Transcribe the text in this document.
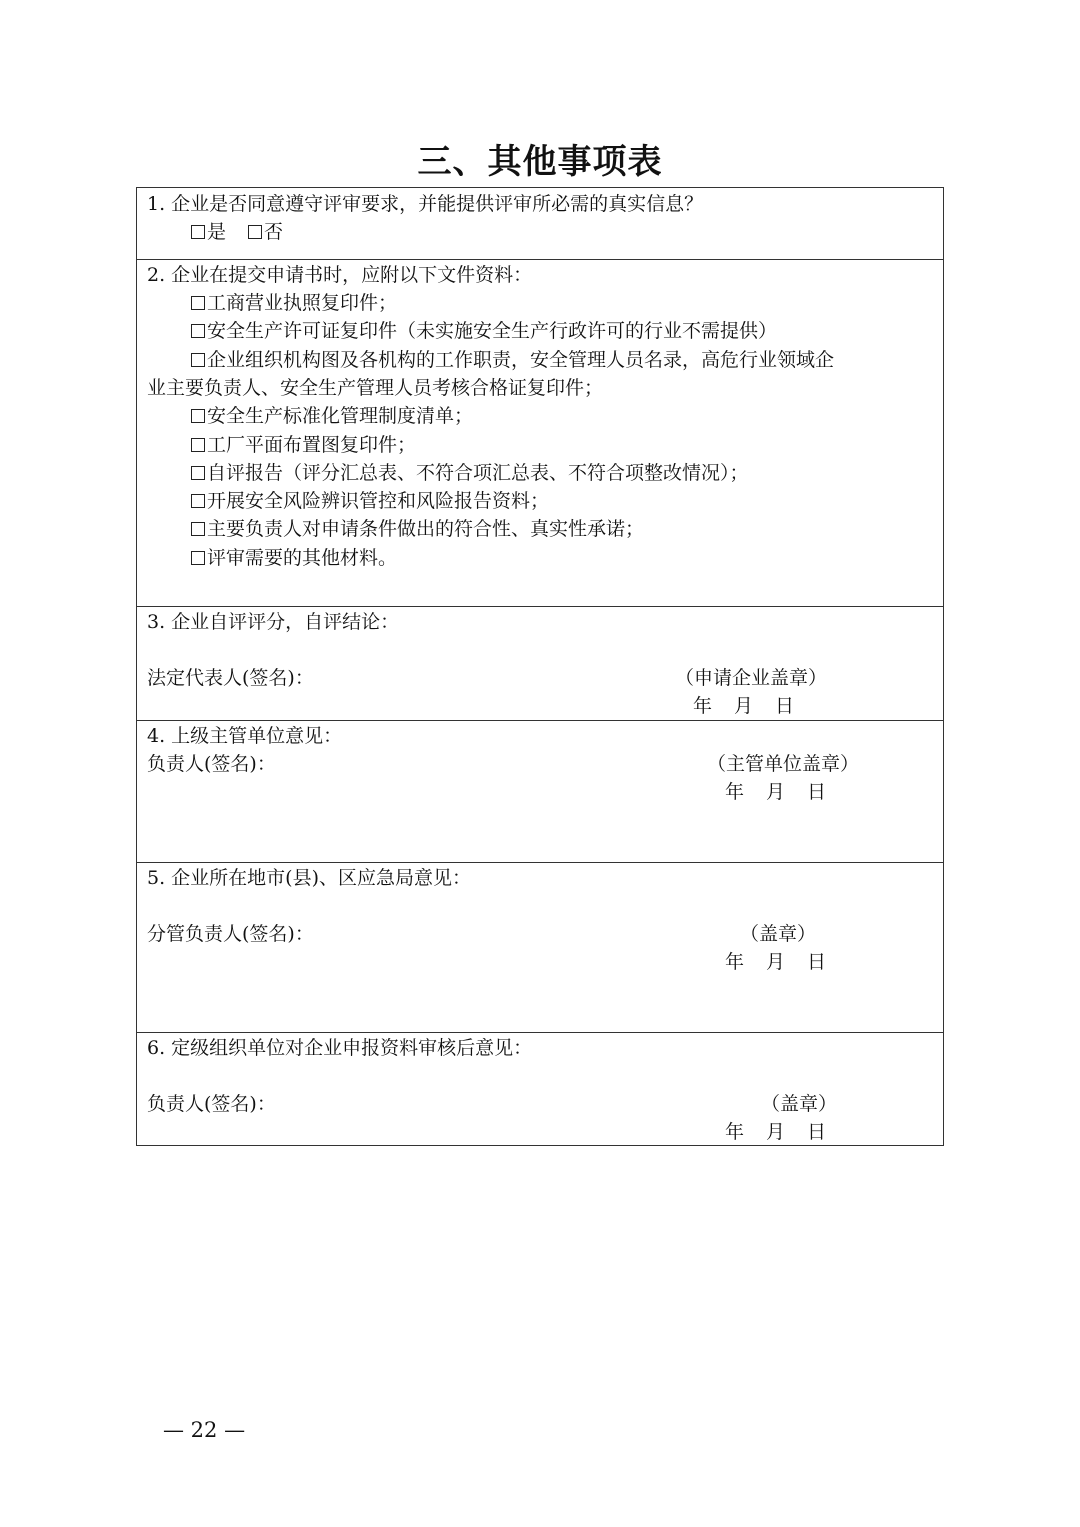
三、其他事项表

1. 企业是否同意遵守评审要求，并能提供评审所必需的真实信息？

是 否

2. 企业在提交申请书时，应附以下文件资料：

工商营业执照复印件；

安全生产许可证复印件（未实施安全生产行政许可的行业不需提供）

企业组织机构图及各机构的工作职责，安全管理人员名录，高危行业领域企

业主要负责人、安全生产管理人员考核合格证复印件；

安全生产标准化管理制度清单；

工厂平面布置图复印件；

自评报告（评分汇总表、不符合项汇总表、不符合项整改情况）；

开展安全风险辨识管控和风险报告资料；

主要负责人对申请条件做出的符合性、真实性承诺；

评审需要的其他材料。

3. 企业自评评分，自评结论：

法定代表人(签名)：	（申请企业盖章）

年 月 日

4. 上级主管单位意见：

负责人(签名)：	（主管单位盖章）

年 月 日

5. 企业所在地市(县)、区应急局意见：

分管负责人(签名)：	（盖章）

年 月 日

6. 定级组织单位对企业申报资料审核后意见：

负责人(签名)：	（盖章）

年 月 日

— 22 —
